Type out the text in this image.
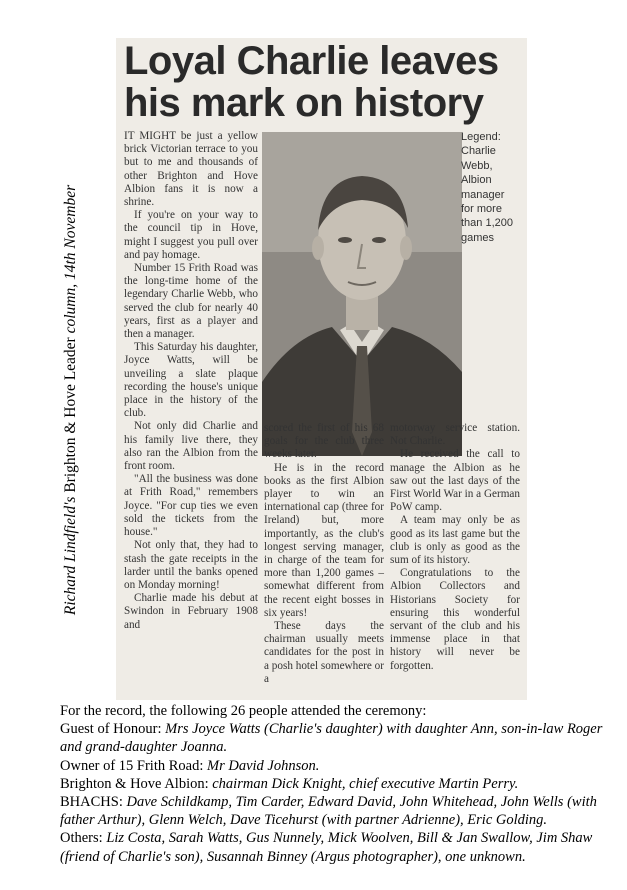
Richard Lindfield's Brighton & Hove Leader column, 14th November
Loyal Charlie leaves his mark on history
Legend: Charlie Webb, Albion manager for more than 1,200 games

IT MIGHT be just a yellow brick Victorian terrace to you but to me and thousands of other Brighton and Hove Albion fans it is now a shrine.

If you're on your way to the council tip in Hove, might I suggest you pull over and pay homage.

Number 15 Frith Road was the long-time home of the legendary Charlie Webb, who served the club for nearly 40 years, first as a player and then a manager.

This Saturday his daughter, Joyce Watts, will be unveiling a slate plaque recording the house's unique place in the history of the club.

Not only did Charlie and his family live there, they also ran the Albion from the front room.

"All the business was done at Frith Road," remembers Joyce. "For cup ties we even sold the tickets from the house."

Not only that, they had to stash the gate receipts in the larder until the banks opened on Monday morning!

Charlie made his debut at Swindon in February 1908 and

scored the first of his 68 goals for the club three weeks later.

He is in the record books as the first Albion player to win an international cap (three for Ireland) but, more importantly, as the club's longest serving manager, in charge of the team for more than 1,200 games – somewhat different from the recent eight bosses in six years!

These days the chairman usually meets candidates for the post in a posh hotel somewhere or a

motorway service station. Not Charlie.

He received the call to manage the Albion as he saw out the last days of the First World War in a German PoW camp.

A team may only be as good as its last game but the club is only as good as the sum of its history.

Congratulations to the Albion Collectors and Historians Society for ensuring this wonderful servant of the club and his immense place in that history will never be forgotten.

For the record, the following 26 people attended the ceremony:

Guest of Honour: Mrs Joyce Watts (Charlie's daughter) with daughter Ann, son-in-law Roger and grand-daughter Joanna.

Owner of 15 Frith Road: Mr David Johnson.

Brighton & Hove Albion: chairman Dick Knight, chief executive Martin Perry.

BHACHS: Dave Schildkamp, Tim Carder, Edward David, John Whitehead, John Wells (with father Arthur), Glenn Welch, Dave Ticehurst (with partner Adrienne), Eric Golding.

Others: Liz Costa, Sarah Watts, Gus Nunnely, Mick Woolven, Bill & Jan Swallow, Jim Shaw (friend of Charlie's son), Susannah Binney (Argus photographer), one unknown.
